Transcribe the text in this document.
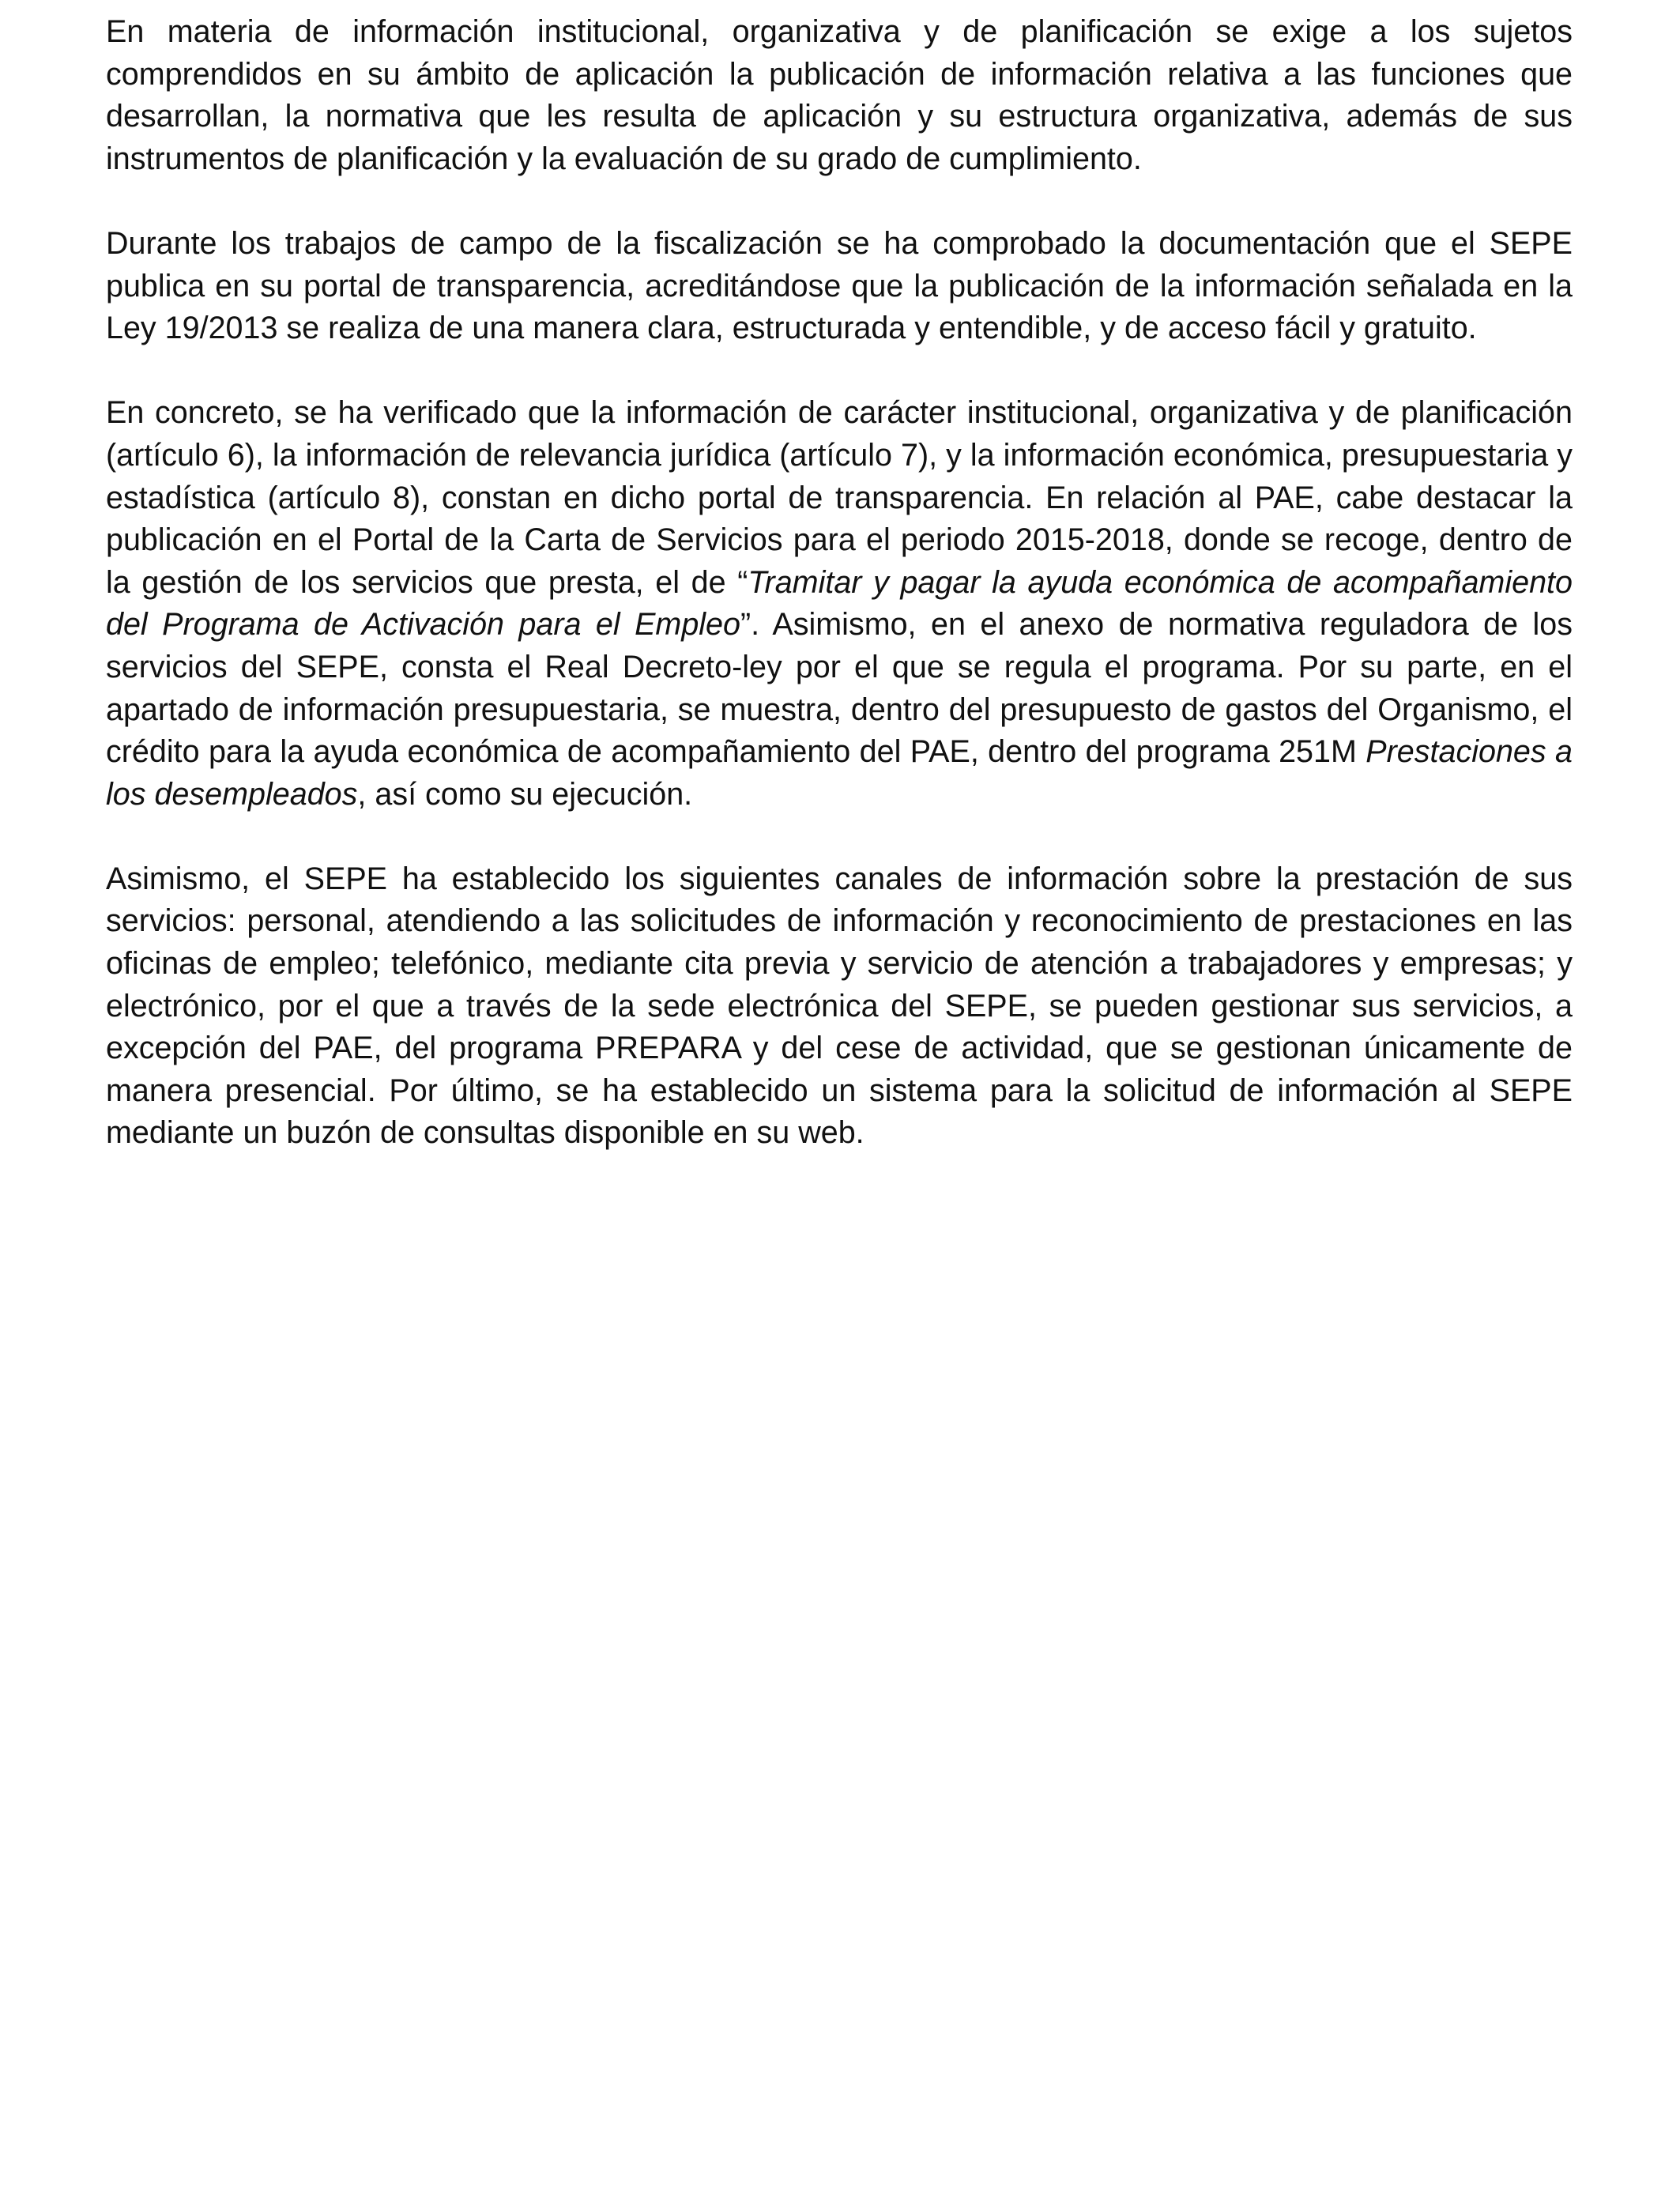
En materia de información institucional, organizativa y de planificación se exige a los sujetos comprendidos en su ámbito de aplicación la publicación de información relativa a las funciones que desarrollan, la normativa que les resulta de aplicación y su estructura organizativa, además de sus instrumentos de planificación y la evaluación de su grado de cumplimiento.

Durante los trabajos de campo de la fiscalización se ha comprobado la documentación que el SEPE publica en su portal de transparencia, acreditándose que la publicación de la información señalada en la Ley 19/2013 se realiza de una manera clara, estructurada y entendible, y de acceso fácil y gratuito.

En concreto, se ha verificado que la información de carácter institucional, organizativa y de planificación (artículo 6), la información de relevancia jurídica (artículo 7), y la información económica, presupuestaria y estadística (artículo 8), constan en dicho portal de transparencia. En relación al PAE, cabe destacar la publicación en el Portal de la Carta de Servicios para el periodo 2015-2018, donde se recoge, dentro de la gestión de los servicios que presta, el de “Tramitar y pagar la ayuda económica de acompañamiento del Programa de Activación para el Empleo”. Asimismo, en el anexo de normativa reguladora de los servicios del SEPE, consta el Real Decreto-ley por el que se regula el programa. Por su parte, en el apartado de información presupuestaria, se muestra, dentro del presupuesto de gastos del Organismo, el crédito para la ayuda económica de acompañamiento del PAE, dentro del programa 251M Prestaciones a los desempleados, así como su ejecución.

Asimismo, el SEPE ha establecido los siguientes canales de información sobre la prestación de sus servicios: personal, atendiendo a las solicitudes de información y reconocimiento de prestaciones en las oficinas de empleo; telefónico, mediante cita previa y servicio de atención a trabajadores y empresas; y electrónico, por el que a través de la sede electrónica del SEPE, se pueden gestionar sus servicios, a excepción del PAE, del programa PREPARA y del cese de actividad, que se gestionan únicamente de manera presencial. Por último, se ha establecido un sistema para la solicitud de información al SEPE mediante un buzón de consultas disponible en su web.
